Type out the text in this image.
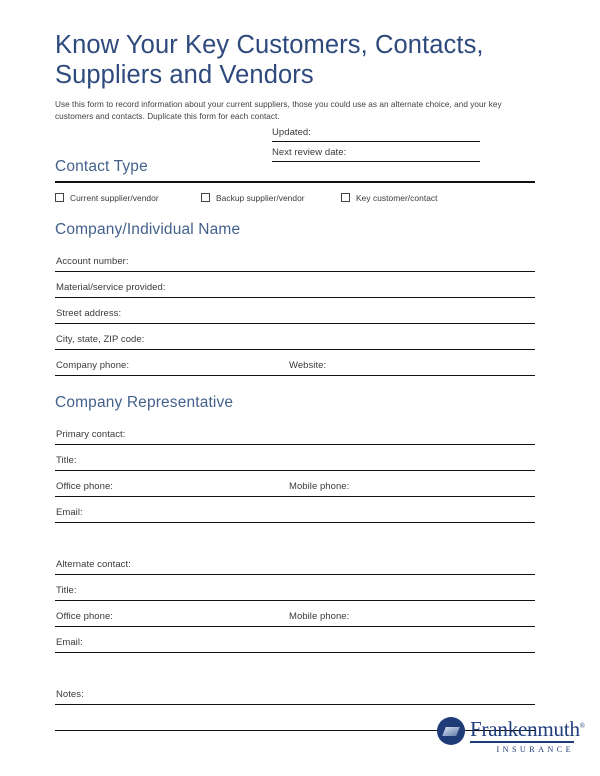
Know Your Key Customers, Contacts, Suppliers and Vendors

Use this form to record information about your current suppliers, those you could use as an alternate choice, and your key customers and contacts. Duplicate this form for each contact.

Contact Type
Current supplier/vendor	Backup supplier/vendor	Key customer/contact
Company/Individual Name
Account number:
Material/service provided:
Street address:
City, state, ZIP code:
Company phone:	Website:
Company Representative
Primary contact:
Title:
Office phone:	Mobile phone:
Email:
Alternate contact:
Title:
Office phone:	Mobile phone:
Email:
Notes:
Updated:
Next review date:
Frankenmuth®
INSURANCE
